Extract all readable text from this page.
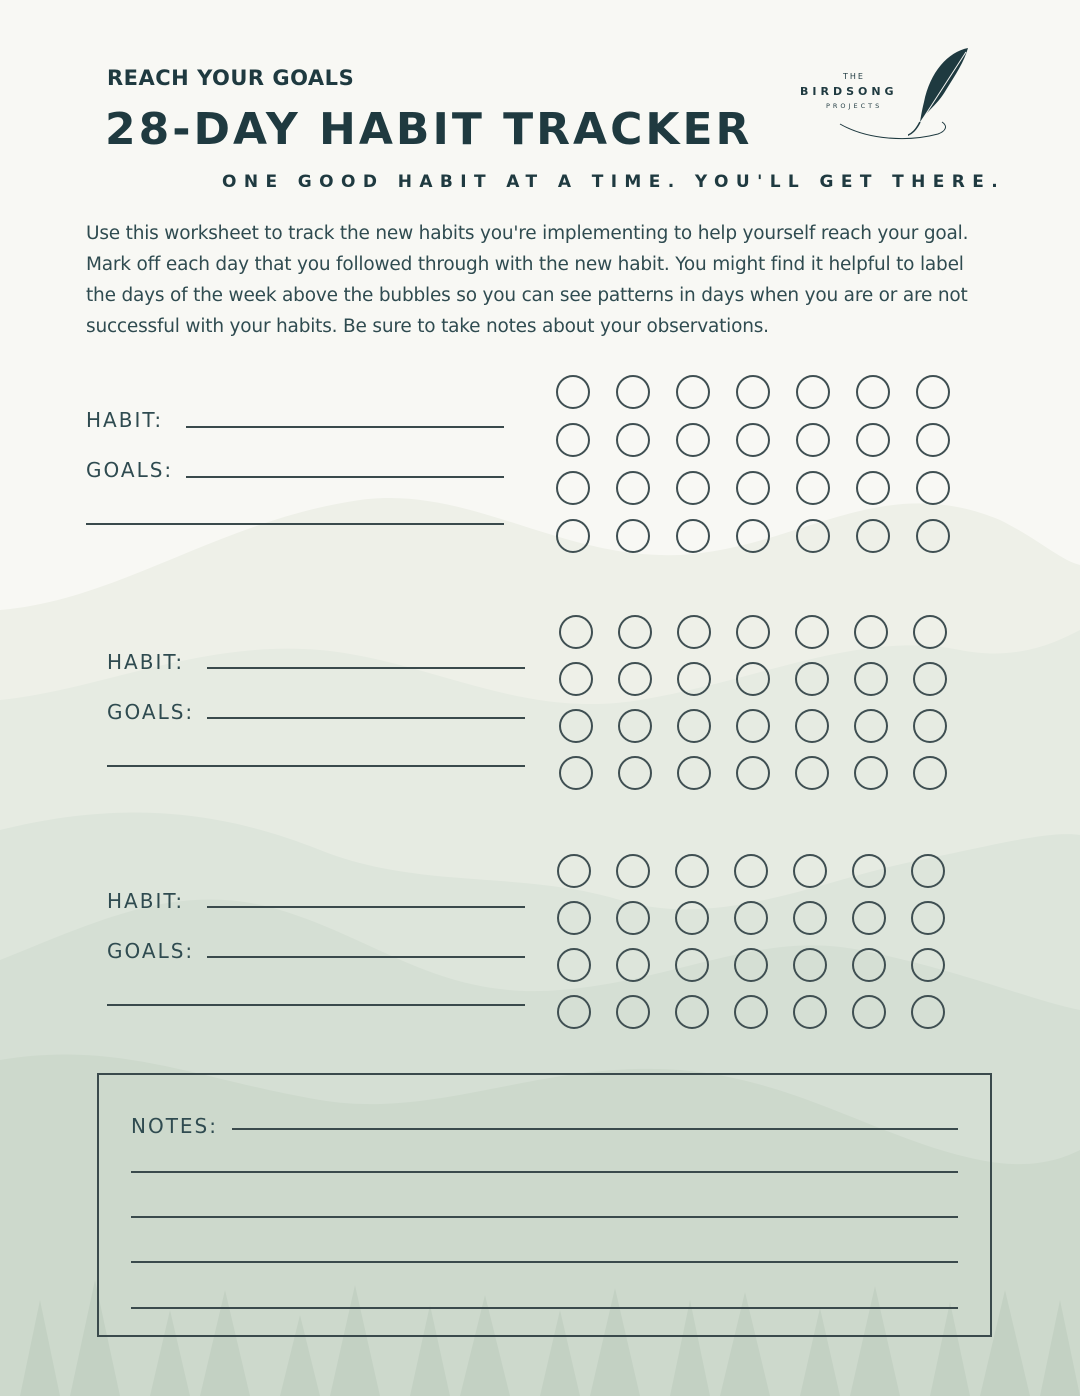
REACH YOUR GOALS
28-DAY HABIT TRACKER
ONE GOOD HABIT AT A TIME. YOU'LL GET THERE.
THE
BIRDSONG
PROJECTS
Use this worksheet to track the new habits you're implementing to help yourself reach your goal. Mark off each day that you followed through with the new habit. You might find it helpful to label the days of the week above the bubbles so you can see patterns in days when you are or are not successful with your habits. Be sure to take notes about your observations.
HABIT:
GOALS:
HABIT:
GOALS:
HABIT:
GOALS:
NOTES:
